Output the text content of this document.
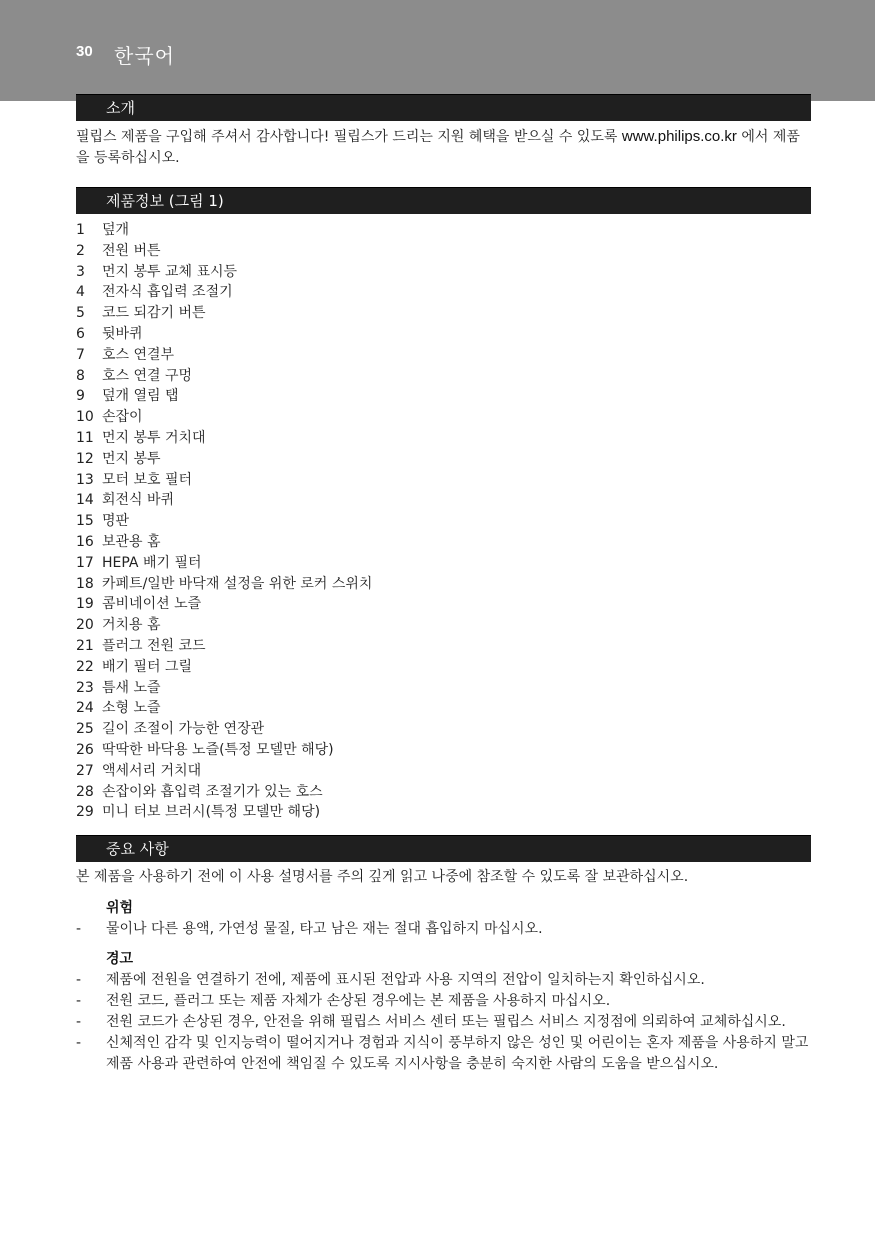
30 한국어
소개

필립스 제품을 구입해 주셔서 감사합니다! 필립스가 드리는 지원 혜택을 받으실 수 있도록 www.philips.co.kr 에서 제품을 등록하십시오.

제품정보 (그림 1)
1	덮개
2	전원 버튼
3	먼지 봉투 교체 표시등
4	전자식 흡입력 조절기
5	코드 되감기 버튼
6	뒷바퀴
7	호스 연결부
8	호스 연결 구멍
9	덮개 열림 탭
10 손잡이
11 먼지 봉투 거치대
12 먼지 봉투
13 모터 보호 필터
14 회전식 바퀴
15 명판
16 보관용 홈
17 HEPA 배기 필터
18 카페트/일반 바닥재 설정을 위한 로커 스위치
19 콤비네이션 노즐
20 거치용 홈
21 플러그 전원 코드
22 배기 필터 그릴
23 틈새 노즐
24 소형 노즐
25 길이 조절이 가능한 연장관
26 딱딱한 바닥용 노즐(특정 모델만 해당)
27 액세서리 거치대
28 손잡이와 흡입력 조절기가 있는 호스
29 미니 터보 브러시(특정 모델만 해당)
중요 사항

본 제품을 사용하기 전에 이 사용 설명서를 주의 깊게 읽고 나중에 참조할 수 있도록 잘 보관하십시오.

위험
-	물이나 다른 용액, 가연성 물질, 타고 남은 재는 절대 흡입하지 마십시오.
경고
-	제품에 전원을 연결하기 전에, 제품에 표시된 전압과 사용 지역의 전압이 일치하는지 확인하십시오.
-	전원 코드, 플러그 또는 제품 자체가 손상된 경우에는 본 제품을 사용하지 마십시오.
-	전원 코드가 손상된 경우, 안전을 위해 필립스 서비스 센터 또는 필립스 서비스 지정점에 의뢰하여 교체하십시오.
-	신체적인 감각 및 인지능력이 떨어지거나 경험과 지식이 풍부하지 않은 성인 및 어린이는 혼자 제품을 사용하지 말고 제품 사용과 관련하여 안전에 책임질 수 있도록 지시사항을 충분히 숙지한 사람의 도움을 받으십시오.
